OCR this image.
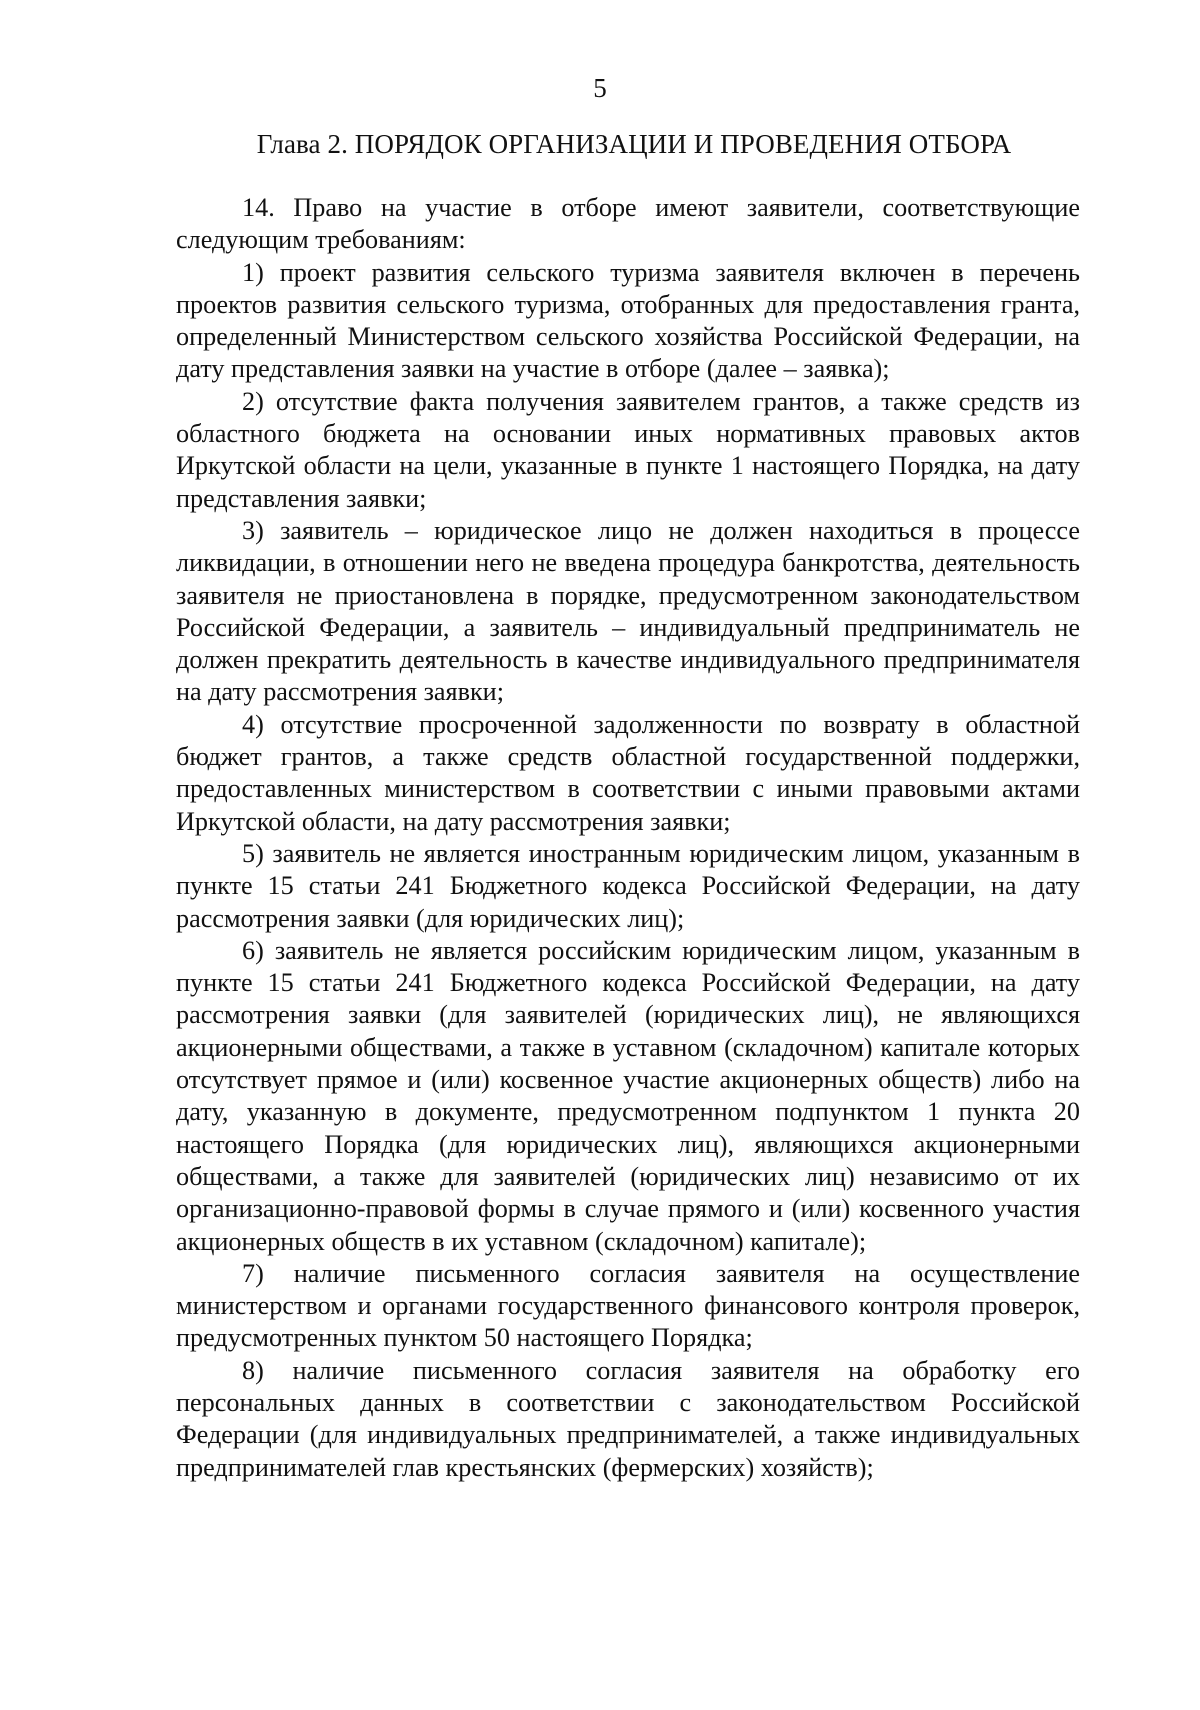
5
Глава 2. ПОРЯДОК ОРГАНИЗАЦИИ И ПРОВЕДЕНИЯ ОТБОРА

14. Право на участие в отборе имеют заявители, соответствующие следующим требованиям:

1) проект развития сельского туризма заявителя включен в перечень проектов развития сельского туризма, отобранных для предоставления гранта, определенный Министерством сельского хозяйства Российской Федерации, на дату представления заявки на участие в отборе (далее – заявка);

2) отсутствие факта получения заявителем грантов, а также средств из областного бюджета на основании иных нормативных правовых актов Иркутской области на цели, указанные в пункте 1 настоящего Порядка, на дату представления заявки;

3) заявитель – юридическое лицо не должен находиться в процессе ликвидации, в отношении него не введена процедура банкротства, деятельность заявителя не приостановлена в порядке, предусмотренном законодательством Российской Федерации, а заявитель – индивидуальный предприниматель не должен прекратить деятельность в качестве индивидуального предпринимателя на дату рассмотрения заявки;

4) отсутствие просроченной задолженности по возврату в областной бюджет грантов, а также средств областной государственной поддержки, предоставленных министерством в соответствии с иными правовыми актами Иркутской области, на дату рассмотрения заявки;

5) заявитель не является иностранным юридическим лицом, указанным в пункте 15 статьи 241 Бюджетного кодекса Российской Федерации, на дату рассмотрения заявки (для юридических лиц);

6) заявитель не является российским юридическим лицом, указанным в пункте 15 статьи 241 Бюджетного кодекса Российской Федерации, на дату рассмотрения заявки (для заявителей (юридических лиц), не являющихся акционерными обществами, а также в уставном (складочном) капитале которых отсутствует прямое и (или) косвенное участие акционерных обществ) либо на дату, указанную в документе, предусмотренном подпунктом 1 пункта 20 настоящего Порядка (для юридических лиц), являющихся акционерными обществами, а также для заявителей (юридических лиц) независимо от их организационно-правовой формы в случае прямого и (или) косвенного участия акционерных обществ в их уставном (складочном) капитале);

7) наличие письменного согласия заявителя на осуществление министерством и органами государственного финансового контроля проверок, предусмотренных пунктом 50 настоящего Порядка;

8) наличие письменного согласия заявителя на обработку его персональных данных в соответствии с законодательством Российской Федерации (для индивидуальных предпринимателей, а также индивидуальных предпринимателей глав крестьянских (фермерских) хозяйств);
